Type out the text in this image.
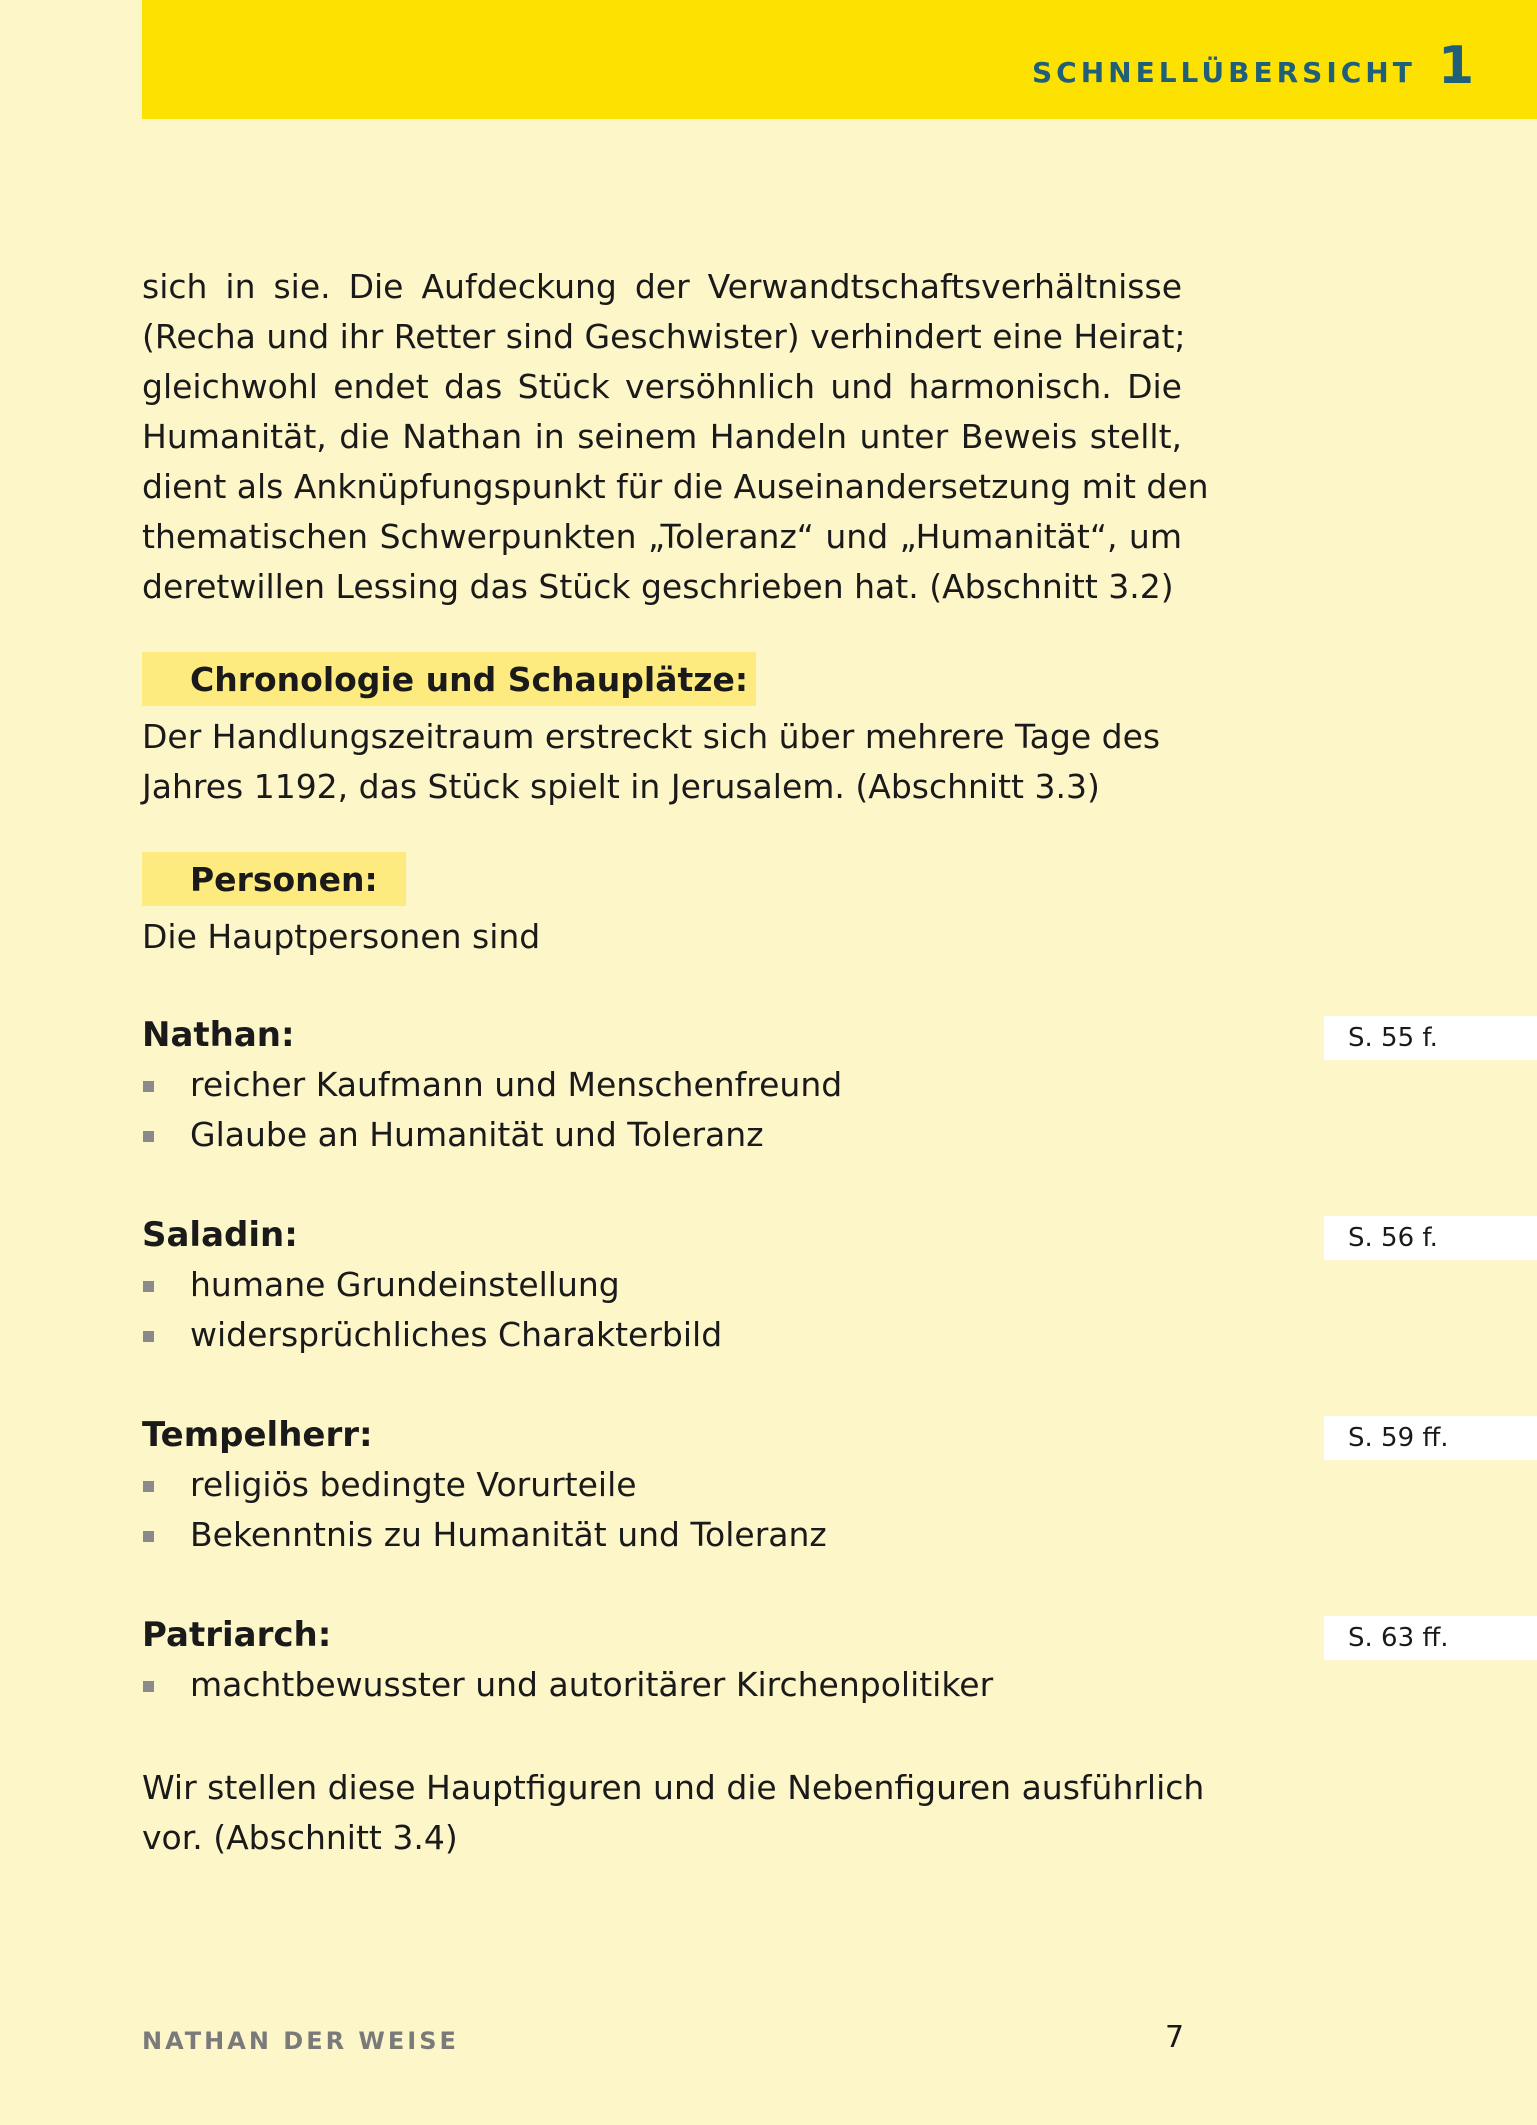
SCHNELLÜBERSICHT 1
sich in sie. Die Aufdeckung der Verwandtschaftsverhältnisse
(Recha und ihr Retter sind Geschwister) verhindert eine Heirat;
gleichwohl endet das Stück versöhnlich und harmonisch. Die
Humanität, die Nathan in seinem Handeln unter Beweis stellt,
dient als Anknüpfungspunkt für die Auseinandersetzung mit den
thematischen Schwerpunkten „Toleranz“ und „Humanität“, um
deretwillen Lessing das Stück geschrieben hat. (Abschnitt 3.2)
Chronologie und Schauplätze:
Der Handlungszeitraum erstreckt sich über mehrere Tage des
Jahres 1192, das Stück spielt in Jerusalem. (Abschnitt 3.3)
Personen:
Die Hauptpersonen sind
Nathan:	S. 55 f.
reicher Kaufmann und Menschenfreund
Glaube an Humanität und Toleranz
Saladin:	S. 56 f.
humane Grundeinstellung
widersprüchliches Charakterbild
Tempelherr:	S. 59 ff.
religiös bedingte Vorurteile
Bekenntnis zu Humanität und Toleranz
Patriarch:	S. 63 ff.
machtbewusster und autoritärer Kirchenpolitiker
Wir stellen diese Hauptfiguren und die Nebenfiguren ausführlich
vor. (Abschnitt 3.4)
NATHAN DER WEISE	7
